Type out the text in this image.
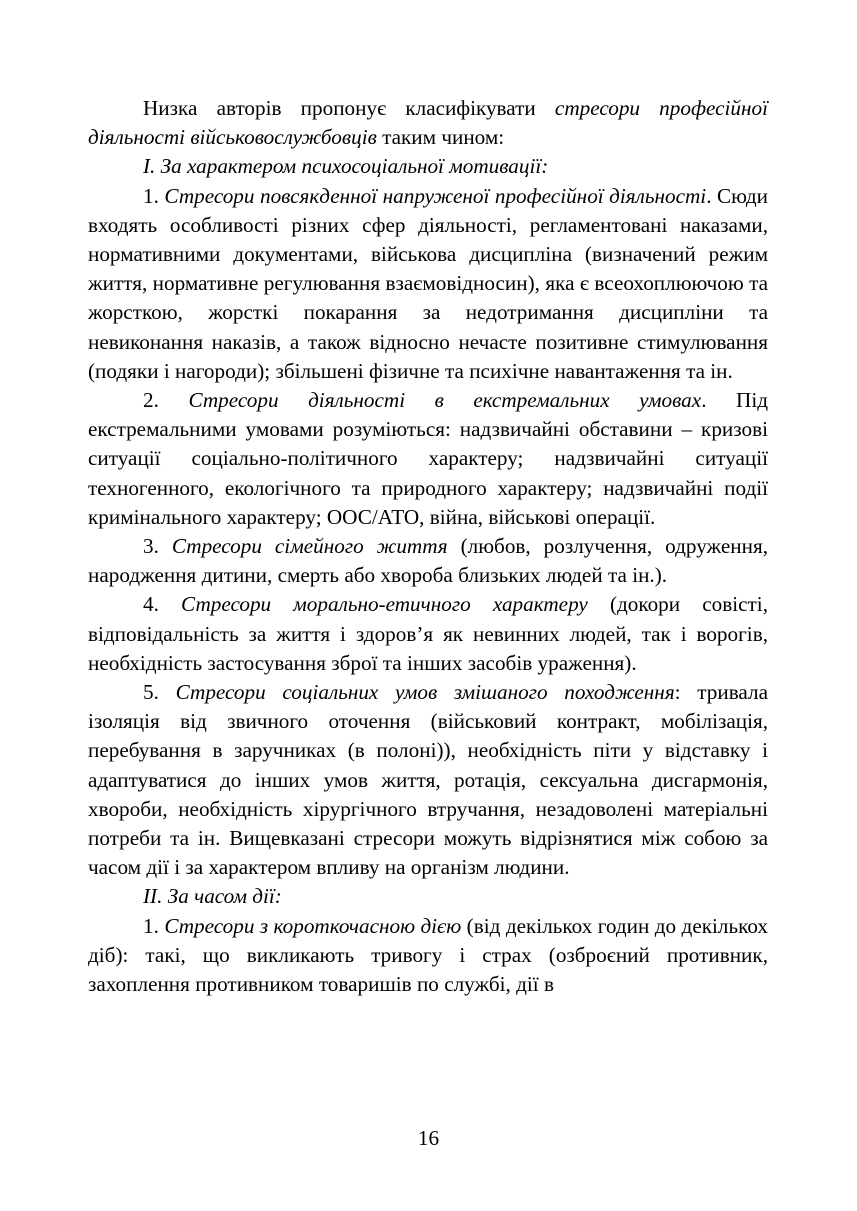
Низка авторів пропонує класифікувати стресори професійної діяльності військовослужбовців таким чином:

І. За характером психосоціальної мотивації:

1. Стресори повсякденної напруженої професійної діяльності. Сюди входять особливості різних сфер діяльності, регламентовані наказами, нормативними документами, військова дисципліна (визначений режим життя, нормативне регулювання взаємовідносин), яка є всеохоплюючою та жорсткою, жорсткі покарання за недотримання дисципліни та невиконання наказів, а також відносно нечасте позитивне стимулювання (подяки і нагороди); збільшені фізичне та психічне навантаження та ін.

2. Стресори діяльності в екстремальних умовах. Під екстремальними умовами розуміються: надзвичайні обставини – кризові ситуації соціально-політичного характеру; надзвичайні ситуації техногенного, екологічного та природного характеру; надзвичайні події кримінального характеру; ООС/АТО, війна, військові операції.

3. Стресори сімейного життя (любов, розлучення, одруження, народження дитини, смерть або хвороба близьких людей та ін.).

4. Стресори морально-етичного характеру (докори совісті, відповідальність за життя і здоров’я як невинних людей, так і ворогів, необхідність застосування зброї та інших засобів ураження).

5. Стресори соціальних умов змішаного походження: тривала ізоляція від звичного оточення (військовий контракт, мобілізація, перебування в заручниках (в полоні)), необхідність піти у відставку і адаптуватися до інших умов життя, ротація, сексуальна дисгармонія, хвороби, необхідність хірургічного втручання, незадоволені матеріальні потреби та ін. Вищевказані стресори можуть відрізнятися між собою за часом дії і за характером впливу на організм людини.

ІІ. За часом дії:

1. Стресори з короткочасною дією (від декількох годин до декількох діб): такі, що викликають тривогу і страх (озброєний противник, захоплення противником товаришів по службі, дії в

16
